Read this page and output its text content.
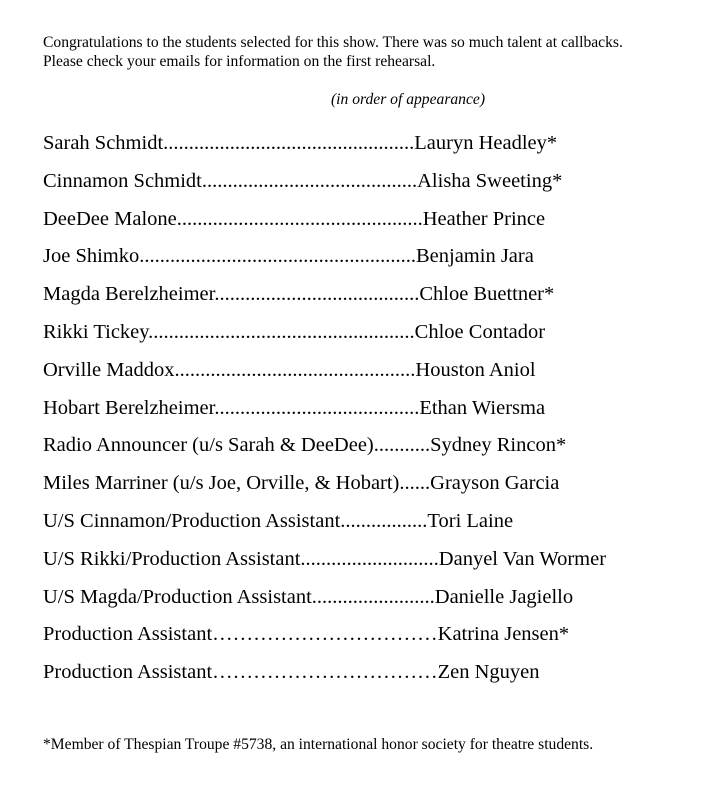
Congratulations to the students selected for this show. There was so much talent at callbacks.

Please check your emails for information on the first rehearsal.

(in order of appearance)

Sarah Schmidt.................................................Lauryn Headley*
Cinnamon Schmidt..........................................Alisha Sweeting*
DeeDee Malone................................................Heather Prince
Joe Shimko......................................................Benjamin Jara
Magda Berelzheimer........................................Chloe Buettner*
Rikki Tickey....................................................Chloe Contador
Orville Maddox...............................................Houston Aniol
Hobart Berelzheimer........................................Ethan Wiersma
Radio Announcer (u/s Sarah & DeeDee)...........Sydney Rincon*
Miles Marriner (u/s Joe, Orville, & Hobart)......Grayson Garcia
U/S Cinnamon/Production Assistant.................Tori Laine
U/S Rikki/Production Assistant...........................Danyel Van Wormer
U/S Magda/Production Assistant........................Danielle Jagiello
Production Assistant……………………………Katrina Jensen*
Production Assistant……………………………Zen Nguyen

*Member of Thespian Troupe #5738, an international honor society for theatre students.
